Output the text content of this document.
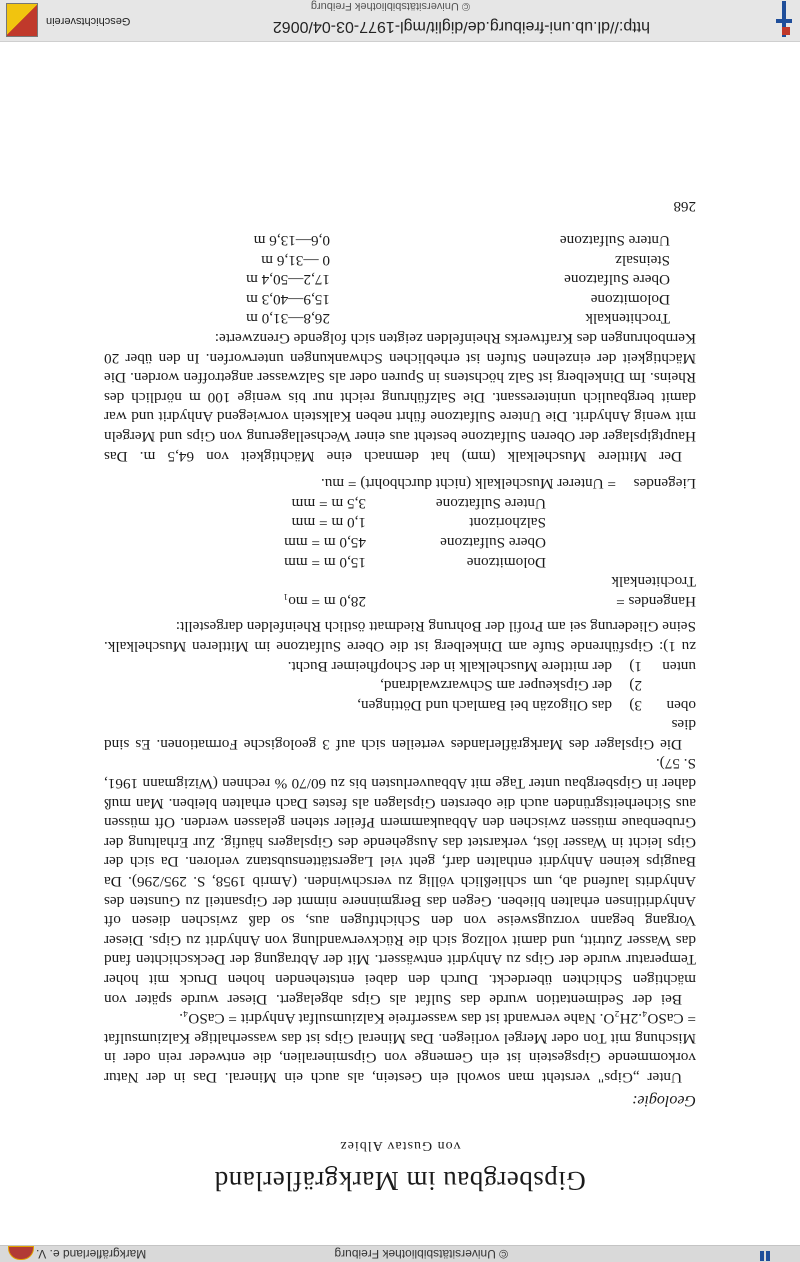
© Universitätsbibliothek Freiburg
Markgräflerland e. V.
Gipsbergbau im Markgräflerland
von Gustav Albiez
Geologie:

Unter „Gips" versteht man sowohl ein Gestein, als auch ein Mineral. Das in der Natur vorkommende Gipsgestein ist ein Gemenge von Gipsmineralien, die entweder rein oder in Mischung mit Ton oder Mergel vorliegen. Das Mineral Gips ist das wasserhaltige Kalziumsulfat = CaSO₄.2H₂O. Nahe verwandt ist das wasserfreie Kalziumsulfat Anhydrit = CaSO₄.

Bei der Sedimentation wurde das Sulfat als Gips abgelagert. Dieser wurde später von mächtigen Schichten überdeckt. Durch den dabei entstehenden hohen Druck mit hoher Temperatur wurde der Gips zu Anhydrit entwässert. Mit der Abtragung der Deckschichten fand das Wasser Zutritt, und damit vollzog sich die Rückverwandlung von Anhydrit zu Gips. Dieser Vorgang begann vorzugsweise von den Schichtfugen aus, so daß zwischen diesen oft Anhydritlinsen erhalten blieben. Gegen das Bergminnere nimmt der Gipsanteil zu Gunsten des Anhydrits laufend ab, um schließlich völlig zu verschwinden. (Amrib 1958, S. 295/296). Da Baugips keinen Anhydrit enthalten darf, geht viel Lagerstättensubstanz verloren. Da sich der Gips leicht in Wasser löst, verkarstet das Ausgehende des Gipslagers häufig. Zur Erhaltung der Grubenbaue müssen zwischen den Abbaukammern Pfeiler stehen gelassen werden. Oft müssen aus Sicherheitsgründen auch die obersten Gipslagen als festes Dach erhalten bleiben. Man muß daher in Gipsbergbau unter Tage mit Abbauverlusten bis zu 60/70 % rechnen (Wizigmann 1961, S. 57).

Die Gipslager des Markgräflerlandes verteilen sich auf 3 geologische Formationen. Es sind dies

oben
3)
das Oligozän bei Bamlach und Döttingen,
2)
der Gipskeuper am Schwarzwaldrand,
unten
1)
der mittlere Muschelkalk in der Schopfheimer Bucht.

zu 1): Gipsführende Stufe am Dinkelberg ist die Obere Sulfatzone im Mittleren Muschelkalk. Seine Gliederung sei am Profil der Bohrung Riedmatt östlich Rheinfelden dargestellt:

Hangendes = Trochitenkalk
28,0 m = mo₁
Dolomitzone
15,0 m = mm
Obere Sulfatzone
45,0 m = mm
Salzhorizont
1,0 m = mm
Untere Sulfatzone
3,5 m = mm
Liegendes
= Unterer Muschelkalk (nicht durchbohrt) = mu.

Der Mittlere Muschelkalk (mm) hat demnach eine Mächtigkeit von 64,5 m. Das Hauptgipslager der Oberen Sulfatzone besteht aus einer Wechsellagerung von Gips und Mergeln mit wenig Anhydrit. Die Untere Sulfatzone führt neben Kalkstein vorwiegend Anhydrit und war damit bergbaulich uninteressant. Die Salzführung reicht nur bis wenige 100 m nördlich des Rheins. Im Dinkelberg ist Salz höchstens in Spuren oder als Salzwasser angetroffen worden. Die Mächtigkeit der einzelnen Stufen ist erheblichen Schwankungen unterworfen. In den über 20 Kernbohrungen des Kraftwerks Rheinfelden zeigten sich folgende Grenzwerte:

Trochitenkalk
26,8—31,0 m
Dolomitzone
15,9—40,3 m
Obere Sulfatzone
17,2—50,4 m
Steinsalz
0 —31,6 m
Untere Sulfatzone
0,6—13,6 m
268
http://dl.ub.uni-freiburg.de/diglit/mgl-1977-03-04/0062
© Universitätsbibliothek Freiburg
Geschichtsverein
